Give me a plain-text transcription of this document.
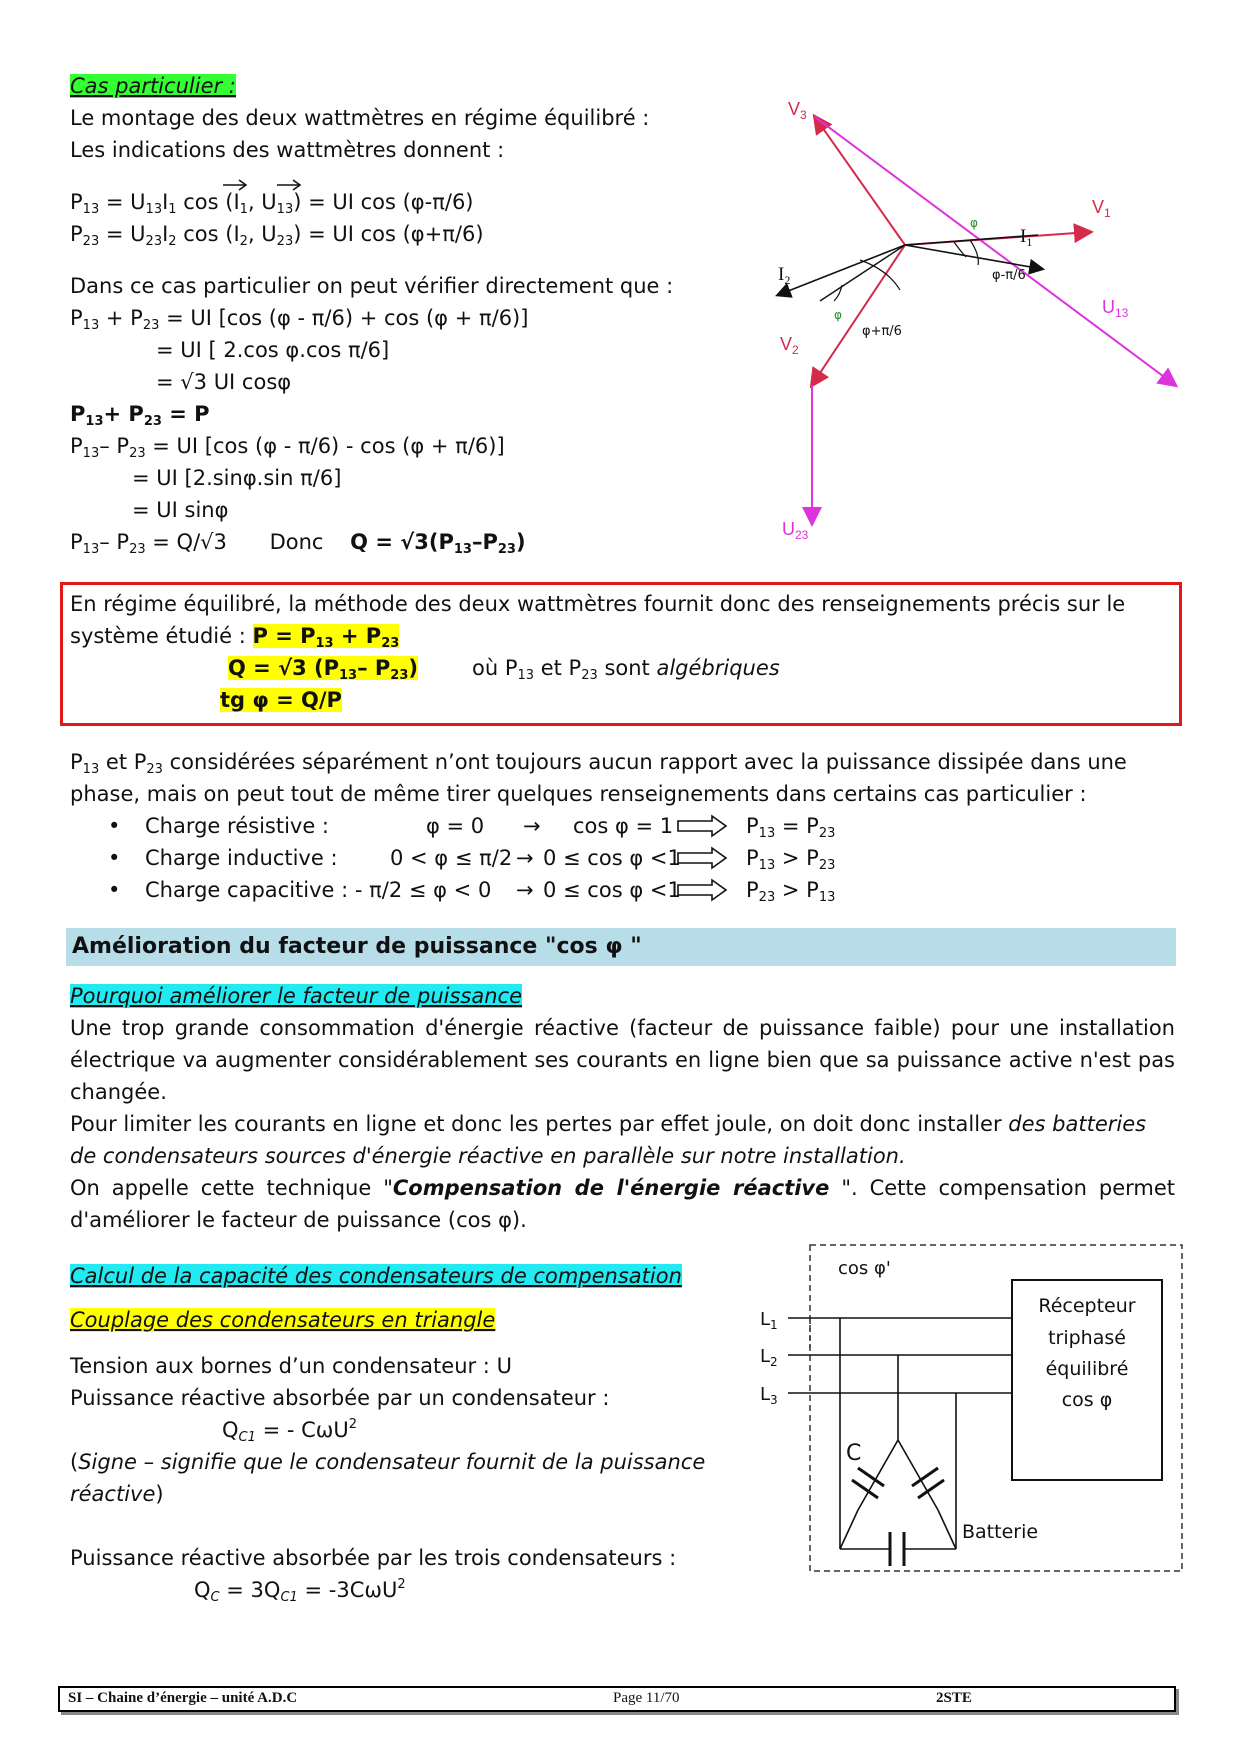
Cas particulier :
Le montage des deux wattmètres en régime équilibré :
Les indications des wattmètres donnent :
$P_{13} = U_{13}I_1$ $\cos (I_1$, $U_{13}$) = UI cos (φ-π/6)
$P_{23} = U_{23}I_2$ $\cos (I_2$, $U_{23}$) = UI cos (φ+π/6)
Dans ce cas particulier on peut vérifier directement que :
$P_{13} + P_{23}$ = UI [cos (φ - π/6) + cos (φ + π/6)]
= UI [ 2.cos φ.cos π/6]
= √3 UI cosφ
$P_{13}+ P_{23} = P$
$P_{13}-$ $P_{23}$ = UI [cos (φ - π/6) - cos (φ + π/6)]
= UI [2.sinφ.sin π/6]
= UI sinφ
$P_{13}-$ $P_{23} = Q/√3$ Donc $Q = √3(P_{13}-P_{23})$
$V_3$
$V_1$
$V_2$
$I_1$
$I_2$
$U_{13}$
$U_{23}$
φ
φ-π/6
φ+π/6
φ
En régime équilibré, la méthode des deux wattmètres fournit donc des renseignements précis sur le
système étudié : $P = P_{13} + P_{23}$
Q = √3 ($P_{13}-$ $P_{23}$)	où $P_{13}$ et $P_{23}$ sont algébriques
tg φ = Q/P
$P_{13}$ et $P_{23}$ considérées séparément n’ont toujours aucun rapport avec la puissance dissipée dans une
phase, mais on peut tout de même tirer quelques renseignements dans certains cas particulier :
• Charge résistive :	φ = 0 → cos φ = 1	$P_{13} = P_{23}$
• Charge inductive : 0 < φ ≤ π/2 → 0 ≤ cos φ <1	$P_{13} > P_{23}$
• Charge capacitive : - π/2 ≤ φ < 0 → 0 ≤ cos φ <1	$P_{23} > P_{13}$
Amélioration du facteur de puissance "cos φ "
Pourquoi améliorer le facteur de puissance
Une trop grande consommation d'énergie réactive (facteur de puissance faible) pour une installation
électrique va augmenter considérablement ses courants en ligne bien que sa puissance active n'est pas
changée.
Pour limiter les courants en ligne et donc les pertes par effet joule, on doit donc installer des batteries
de condensateurs sources d'énergie réactive en parallèle sur notre installation.
On appelle cette technique "Compensation de l'énergie réactive ". Cette compensation permet
d'améliorer le facteur de puissance (cos φ).
Calcul de la capacité des condensateurs de compensation
Couplage des condensateurs en triangle
Tension aux bornes d’un condensateur : U
Puissance réactive absorbée par un condensateur :
$Q_{C1}$ = - CωU$^2$
(Signe – signifie que le condensateur fournit de la puissance
réactive)
Puissance réactive absorbée par les trois condensateurs :
$Q_C = 3Q_{C1} = -3C\omega U^2$
cos φ'
$L_1$
$L_2$
$L_3$
Récepteur
triphasé
équilibré
cos φ
C
Batterie
SI – Chaine d’énergie – unité A.D.C	Page 11/70	2STE
